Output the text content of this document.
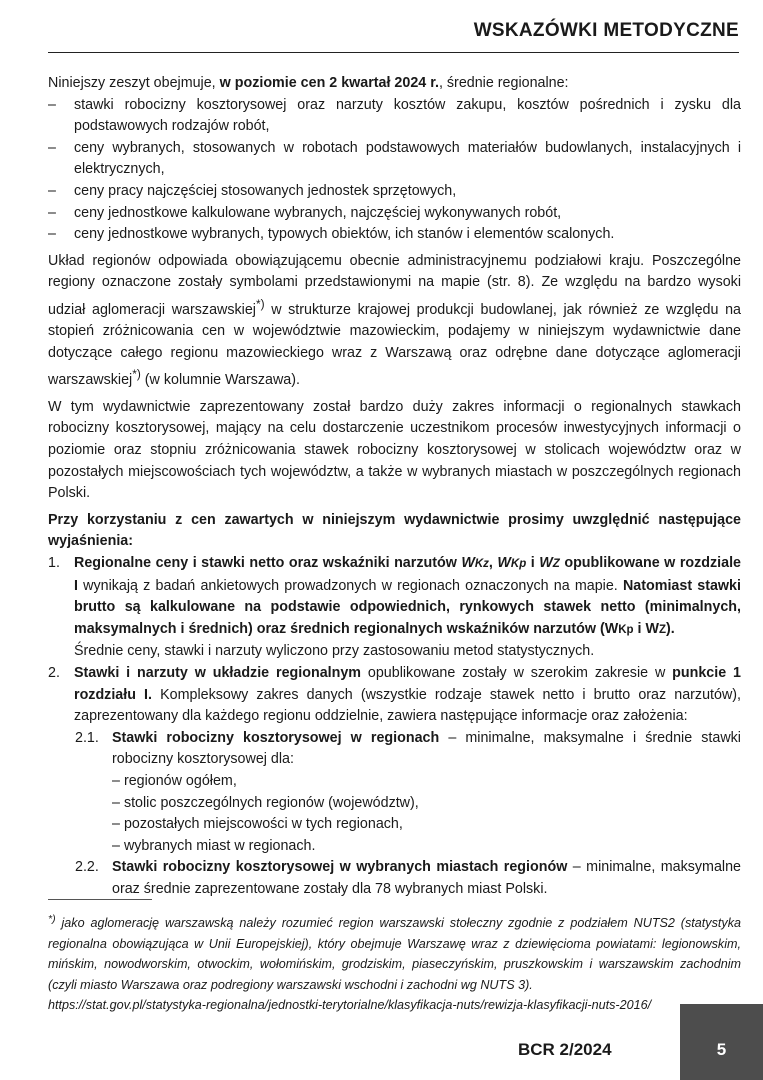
WSKAZÓWKI METODYCZNE

Niniejszy zeszyt obejmuje, w poziomie cen 2 kwartał 2024 r., średnie regionalne:

– stawki robocizny kosztorysowej oraz narzuty kosztów zakupu, kosztów pośrednich i zysku dla podstawowych rodzajów robót,
– ceny wybranych, stosowanych w robotach podstawowych materiałów budowlanych, instalacyjnych i elektrycznych,
– ceny pracy najczęściej stosowanych jednostek sprzętowych,
– ceny jednostkowe kalkulowane wybranych, najczęściej wykonywanych robót,
– ceny jednostkowe wybranych, typowych obiektów, ich stanów i elementów scalonych.

Układ regionów odpowiada obowiązującemu obecnie administracyjnemu podziałowi kraju. Poszczególne regiony oznaczone zostały symbolami przedstawionymi na mapie (str. 8). Ze względu na bardzo wysoki udział aglomeracji warszawskiej*) w strukturze krajowej produkcji budowlanej, jak również ze względu na stopień zróżnicowania cen w województwie mazowieckim, podajemy w niniejszym wydawnictwie dane dotyczące całego regionu mazowieckiego wraz z Warszawą oraz odrębne dane dotyczące aglomeracji warszawskiej*) (w kolumnie Warszawa).

W tym wydawnictwie zaprezentowany został bardzo duży zakres informacji o regionalnych stawkach robocizny kosztorysowej, mający na celu dostarczenie uczestnikom procesów inwestycyjnych informacji o poziomie oraz stopniu zróżnicowania stawek robocizny kosztorysowej w stolicach województw oraz w pozostałych miejscowościach tych województw, a także w wybranych miastach w poszczególnych regionach Polski.

Przy korzystaniu z cen zawartych w niniejszym wydawnictwie prosimy uwzględnić następujące wyjaśnienia:

1. Regionalne ceny i stawki netto oraz wskaźniki narzutów WKz, WKp i WZ opublikowane w rozdziale I wynikają z badań ankietowych prowadzonych w regionach oznaczonych na mapie. Natomiast stawki brutto są kalkulowane na podstawie odpowiednich, rynkowych stawek netto (minimalnych, maksymalnych i średnich) oraz średnich regionalnych wskaźników narzutów (WKp i WZ).

Średnie ceny, stawki i narzuty wyliczono przy zastosowaniu metod statystycznych.

2. Stawki i narzuty w układzie regionalnym opublikowane zostały w szerokim zakresie w punkcie 1 rozdziału I. Kompleksowy zakres danych (wszystkie rodzaje stawek netto i brutto oraz narzutów), zaprezentowany dla każdego regionu oddzielnie, zawiera następujące informacje oraz założenia:

2.1. Stawki robocizny kosztorysowej w regionach – minimalne, maksymalne i średnie stawki robocizny kosztorysowej dla:

– regionów ogółem,
– stolic poszczególnych regionów (województw),
– pozostałych miejscowości w tych regionach,
– wybranych miast w regionach.
2.2. Stawki robocizny kosztorysowej w wybranych miastach regionów – minimalne, maksymalne oraz średnie zaprezentowane zostały dla 78 wybranych miast Polski.

*) jako aglomerację warszawską należy rozumieć region warszawski stołeczny zgodnie z podziałem NUTS2 (statystyka regionalna obowiązująca w Unii Europejskiej), który obejmuje Warszawę wraz z dziewięcioma powiatami: legionowskim, mińskim, nowodworskim, otwockim, wołomińskim, grodziskim, piaseczyńskim, pruszkowskim i warszawskim zachodnim (czyli miasto Warszawa oraz podregiony warszawski wschodni i zachodni wg NUTS 3).
https://stat.gov.pl/statystyka-regionalna/jednostki-terytorialne/klasyfikacja-nuts/rewizja-klasyfikacji-nuts-2016/
BCR 2/2024	5
